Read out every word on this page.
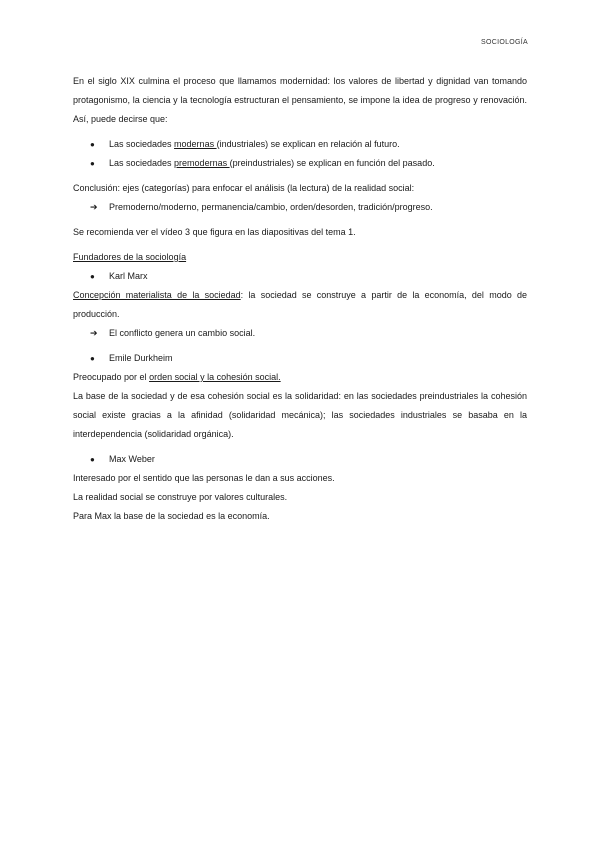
SOCIOLOGÍA

En el siglo XIX culmina el proceso que llamamos modernidad: los valores de libertad y dignidad van tomando protagonismo, la ciencia y la tecnología estructuran el pensamiento, se impone la idea de progreso y renovación. Así, puede decirse que:

● Las sociedades modernas (industriales) se explican en relación al futuro.
● Las sociedades premodernas (preindustriales) se explican en función del pasado.

Conclusión: ejes (categorías) para enfocar el análisis (la lectura) de la realidad social:

➔ Premoderno/moderno, permanencia/cambio, orden/desorden, tradición/progreso.

Se recomienda ver el vídeo 3 que figura en las diapositivas del tema 1.

Fundadores de la sociología

● Karl Marx

Concepción materialista de la sociedad: la sociedad se construye a partir de la economía, del modo de producción.

➔ El conflicto genera un cambio social.
● Emile Durkheim

Preocupado por el orden social y la cohesión social.

La base de la sociedad y de esa cohesión social es la solidaridad: en las sociedades preindustriales la cohesión social existe gracias a la afinidad (solidaridad mecánica); las sociedades industriales se basaba en la interdependencia (solidaridad orgánica).

● Max Weber

Interesado por el sentido que las personas le dan a sus acciones.

La realidad social se construye por valores culturales.

Para Max la base de la sociedad es la economía.
